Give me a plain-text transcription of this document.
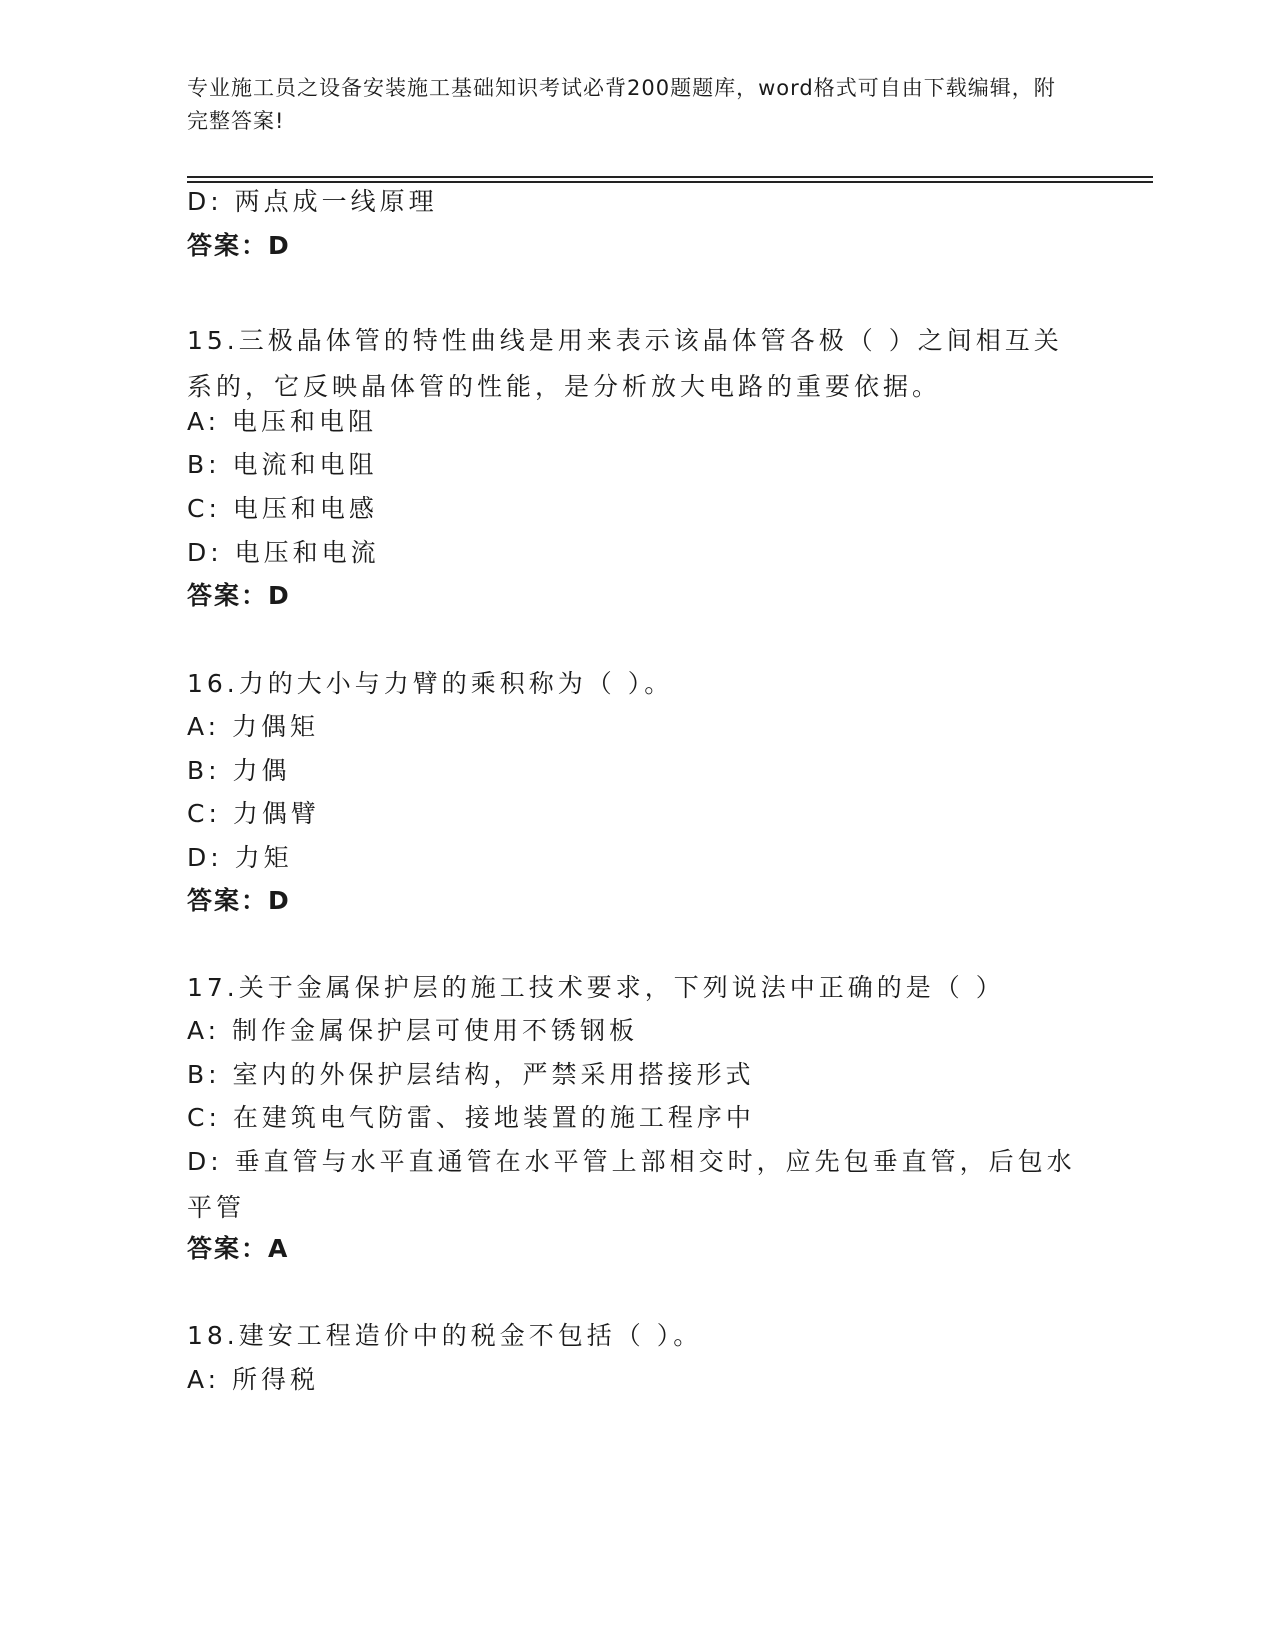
专业施工员之设备安装施工基础知识考试必背200题题库，word格式可自由下载编辑，附完整答案!
D: 两点成一线原理
答案：D
15.三极晶体管的特性曲线是用来表示该晶体管各极（ ）之间相互关系的，它反映晶体管的性能，是分析放大电路的重要依据。
A: 电压和电阻
B: 电流和电阻
C: 电压和电感
D: 电压和电流
答案：D
16.力的大小与力臂的乘积称为（ ）。
A: 力偶矩
B: 力偶
C: 力偶臂
D: 力矩
答案：D
17.关于金属保护层的施工技术要求，下列说法中正确的是（ ）
A: 制作金属保护层可使用不锈钢板
B: 室内的外保护层结构，严禁采用搭接形式
C: 在建筑电气防雷、接地装置的施工程序中
D: 垂直管与水平直通管在水平管上部相交时，应先包垂直管，后包水平管
答案：A
18.建安工程造价中的税金不包括（ ）。
A: 所得税
